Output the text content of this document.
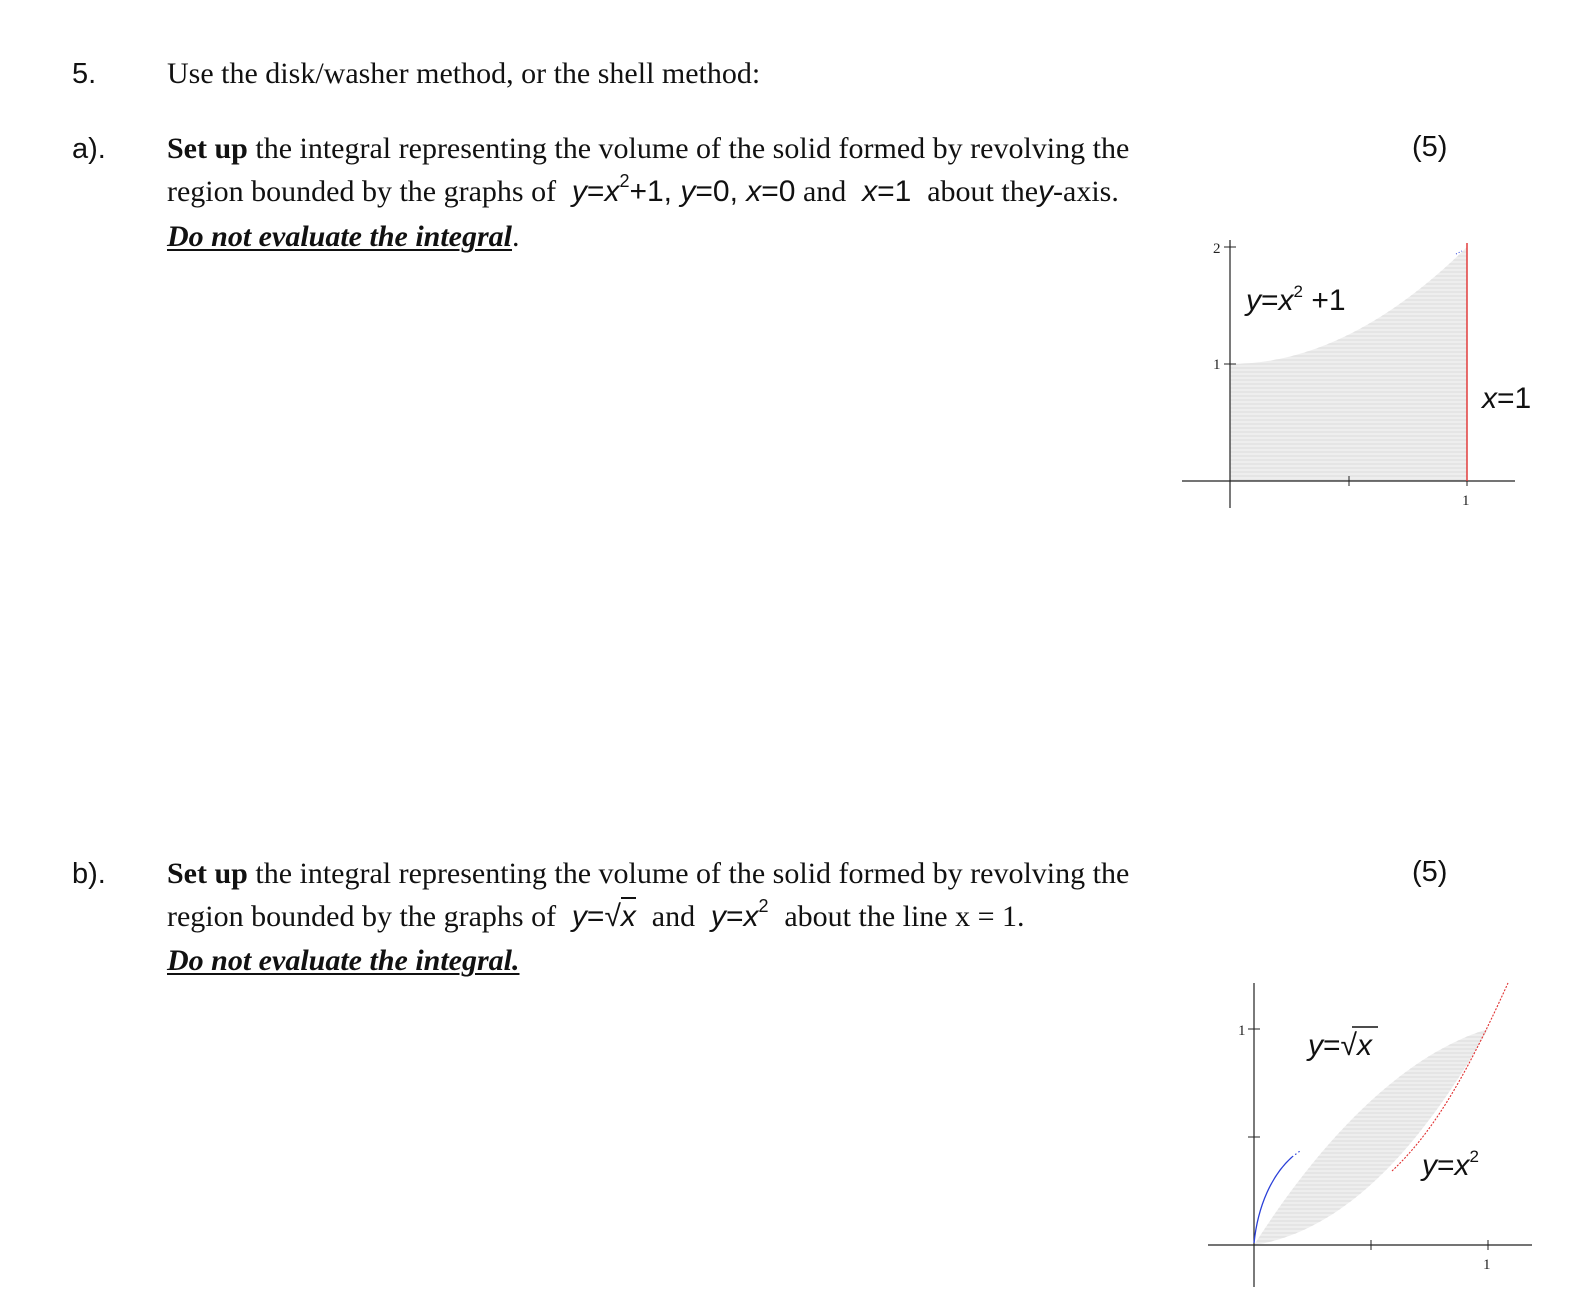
5. Use the disk/washer method, or the shell method:
a). Set up the integral representing the volume of the solid formed by revolving the
region bounded by the graphs of  $y=x^2+1$, y=0, x=0 and  x=1 about they-axis.
Do not evaluate the integral.
(5)
1
2
1
$y=x^2 +1$
x=1
b). Set up the integral representing the volume of the solid formed by revolving the
region bounded by the graphs of  y=√x and  $y=x^2$ about the line x = 1.
Do not evaluate the integral.
(5)
1
1
y=√x
$y=x^2$
